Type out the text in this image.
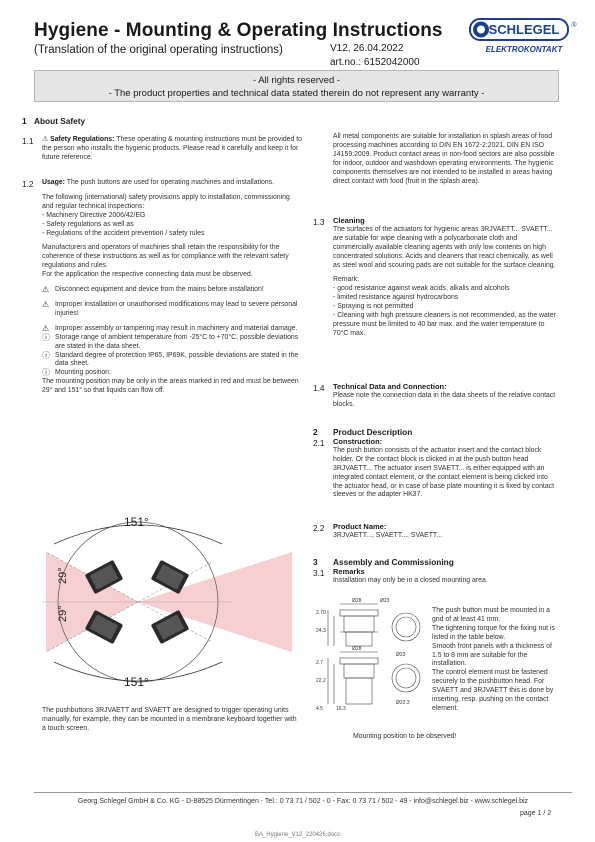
Hygiene - Mounting & Operating Instructions
(Translation of the original operating instructions)	V12, 26.04.2022
art.no.: 6152042000
SCHLEGEL ®
ELEKTROKONTAKT
- All rights reserved -
- The product properties and technical data stated therein do not represent any warranty -
1 About Safety
1.1 ⚠ Safety Regulations: These operating & mounting instructions must be provided to the person who installs the hygienic products. Please read it carefully and keep it for future reference.

1.2 Usage: The push buttons are used for operating machines and installations.

The following (international) safety provisions apply to installation, commissioning and regular technical inspections:

- Machinery Directive 2006/42/EG

- Safety regulations as well as

- Regulations of the accident prevention / safety rules

Manufacturers and operators of machines shall retain the responsibility for the coherence of these instructions as well as for compliance with the relevant safety regulations and rules.

For the application the respective connecting data must be observed.

⚠ Disconnect equipment and device from the mains before installation!

⚠ Improper installation or unauthorised modifications may lead to severe personal injuries!

⚠ Improper assembly or tampering may result in machinery and material damage.

ⓘ Storage range of ambient temperature from -25°C to +70°C, possible deviations are stated in the data sheet.

ⓘ Standard degree of protection IP65, IP69K, possible deviations are stated in the data sheet.

ⓘ Mounting position:

The mounting position may be only in the areas marked in red and must be between 29° and 151° so that liquids can flow off.

151°
151°
29°
29°
The pushbuttons 3RJVAETT and SVAETT are designed to trigger operating units manually, for example, they can be mounted in a membrane keyboard together with a touch screen.
All metal components are suitable for installation in splash areas of food processing machines according to DIN EN 1672-2:2021, DIN EN ISO 14159:2009. Product contact areas in non-food sectors are also possible for indoor, outdoor and washdown operating environments. The hygienic components themselves are not intended to be installed in areas having direct contact with food (fruit in the splash area).
1.3 Cleaning

The surfaces of the actuators for hygienic areas 3RJVAETT... SVAETT... are suitable for wipe cleaning with a polycarbonate cloth and commercially available cleaning agents with only low contents on high concentrated solutions. Acids and cleaners that react chemically, as well as steel wool and scouring pads are not suitable for the surface cleaning.

Remark:

- good resistance against weak acids, alkalis and alcohols

- limited resistance against hydrocarbons

- Spraying is not permitted

- Cleaning with high pressure cleaners is not recommended, as the water pressure must be limited to 40 bar max. and the water temperature to 70°C max.

1.4 Technical Data and Connection:

Please note the connection data in the data sheets of the relative contact blocks.

2 Product Description
2.1 Construction:

The push button consists of the actuator insert and the contact block holder. Or the contact block is clicked in at the push button head 3RJVAETT... The actuator insert SVAETT... is either equipped with an integrated contact element, or the contact element is being clicked into the actuator head, or in case of base plate mounting it is fixed by contact sleeves or the adapter HK37.

2.2 Product Name:

3RJVAETT..., SVAETT..., SVAETT...

3 Assembly and Commissioning
3.1 Remarks

Installation may only be in a closed mounting area.

Ø28	Ø23
2.70
24.3
2.7
22.2
4.5	16.3
Ø28
Ø23
Ø22.3

The push button must be mounted in a grid of at least 41 mm.

The tightening torque for the fixing nut is listed in the table below.

Smooth front panels with a thickness of 1.5 to 8 mm are suitable for the installation.

The control element must be fastened securely to the pushbutton head. For SVAETT and 3RJVAETT this is done by inserting, resp. pushing on the contact element.

Mounting position to be observed!
Georg Schlegel GmbH & Co. KG - D-88525 Dürmentingen - Tel.: 0 73 71 / 502 - 0 - Fax: 0 73 71 / 502 - 49 - info@schlegel.biz - www.schlegel.biz
page 1 / 2
BA_Hygiene_V12_220426.docx
